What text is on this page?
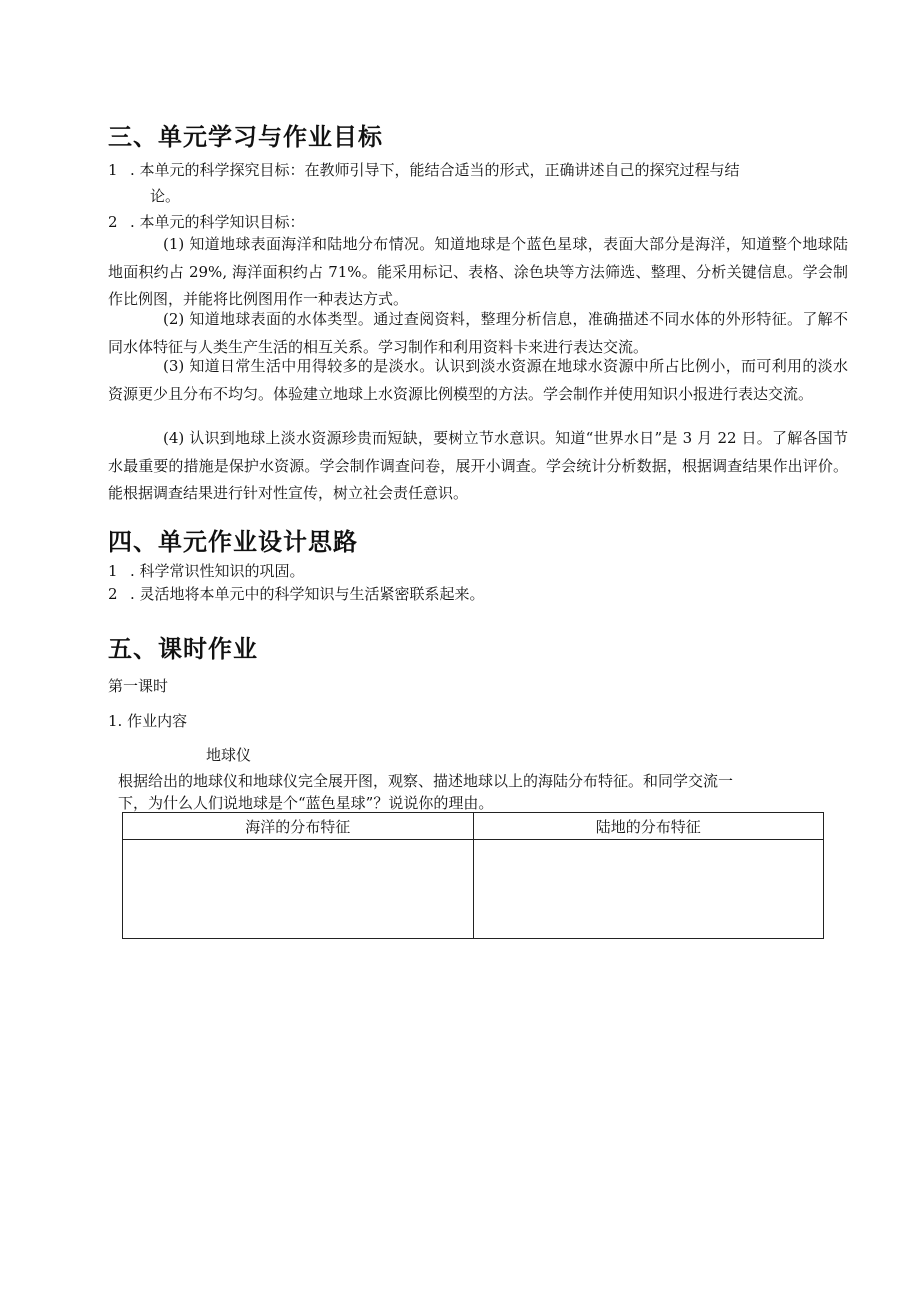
三、单元学习与作业目标
1 . 本单元的科学探究目标：在教师引导下，能结合适当的形式，正确讲述自己的探究过程与结
论。
2 . 本单元的科学知识目标：
(1) 知道地球表面海洋和陆地分布情况。知道地球是个蓝色星球，表面大部分是海洋，知道整个地球陆地面积约占 29%, 海洋面积约占 71%。能采用标记、表格、涂色块等方法筛选、整理、分析关键信息。学会制作比例图，并能将比例图用作一种表达方式。
(2) 知道地球表面的水体类型。通过查阅资料，整理分析信息，准确描述不同水体的外形特征。了解不同水体特征与人类生产生活的相互关系。学习制作和利用资料卡来进行表达交流。
(3) 知道日常生活中用得较多的是淡水。认识到淡水资源在地球水资源中所占比例小，而可利用的淡水资源更少且分布不均匀。体验建立地球上水资源比例模型的方法。学会制作并使用知识小报进行表达交流。
(4) 认识到地球上淡水资源珍贵而短缺，要树立节水意识。知道“世界水日”是 3 月 22 日。了解各国节水最重要的措施是保护水资源。学会制作调查问卷，展开小调查。学会统计分析数据，根据调查结果作出评价。能根据调查结果进行针对性宣传，树立社会责任意识。
四、单元作业设计思路
1 . 科学常识性知识的巩固。
2 . 灵活地将本单元中的科学知识与生活紧密联系起来。
五、课时作业
第一课时
1. 作业内容
地球仪
根据给出的地球仪和地球仪完全展开图，观察、描述地球以上的海陆分布特征。和同学交流一
下，为什么人们说地球是个“蓝色星球”？说说你的理由。
海洋的分布特征	陆地的分布特征
